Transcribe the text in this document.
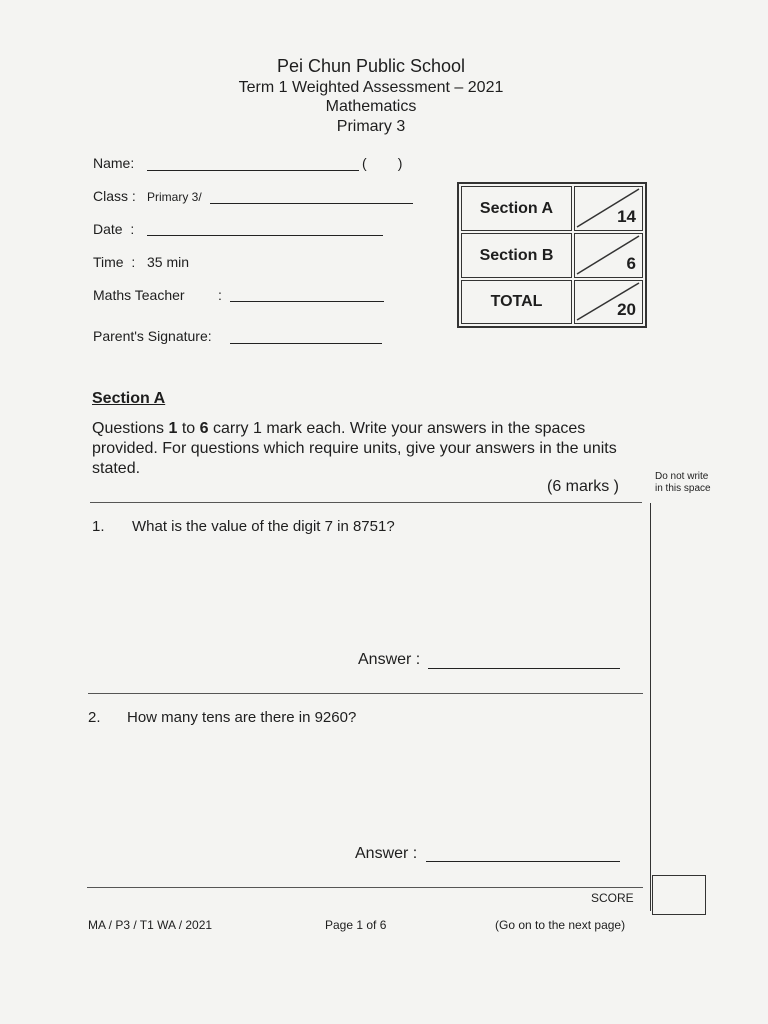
Pei Chun Public School
Term 1 Weighted Assessment – 2021
Mathematics
Primary 3
Name:	(        )
Class : Primary 3/
Date  :
Time  : 35 min
Maths Teacher :
Parent's Signature:
Section A	14
Section B	6
TOTAL	20
Section A
Questions 1 to 6 carry 1 mark each. Write your answers in the spaces provided. For questions which require units, give your answers in the units stated.
(6 marks )
Do not write
in this space
1. What is the value of the digit 7 in 8751?
Answer :
2. How many tens are there in 9260?
Answer :
SCORE
MA / P3 / T1 WA / 2021	Page 1 of 6	(Go on to the next page)
